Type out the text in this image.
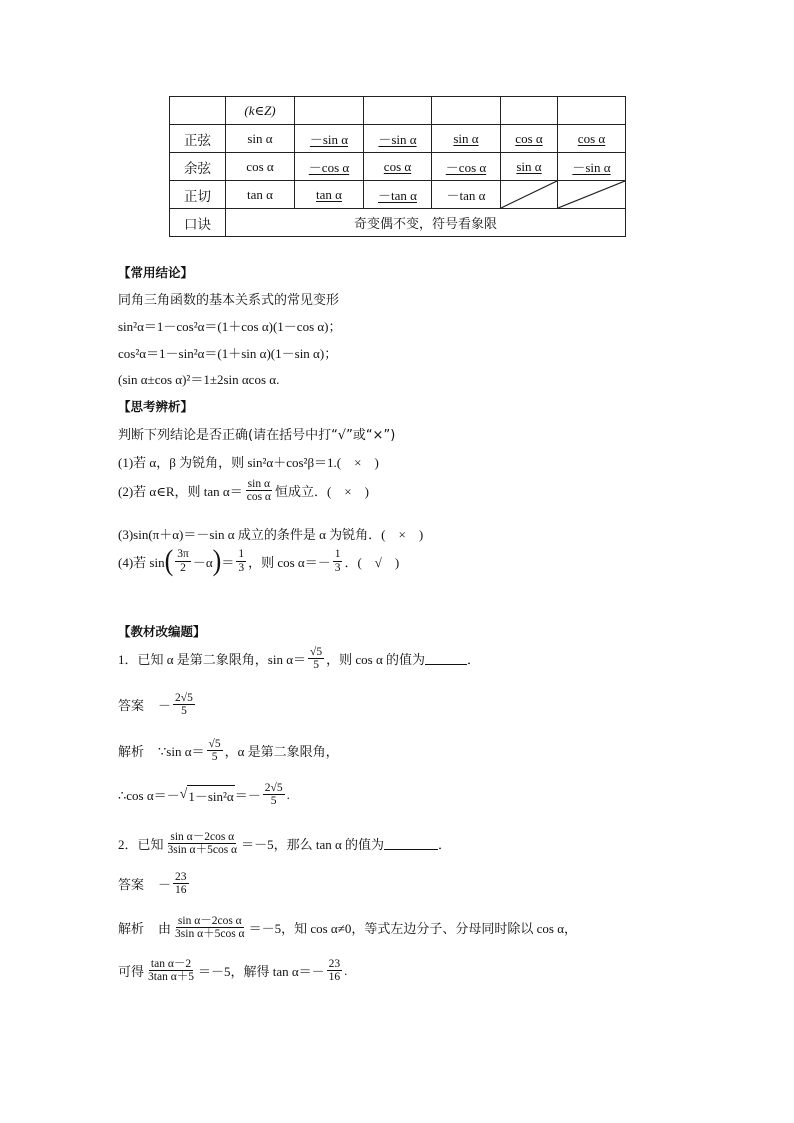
	(k∈Z)					
正弦	sin α	－sin α	－sin α	sin α	cos α	cos α
余弦	cos α	－cos α	cos α	－cos α	sin α	－sin α
正切	tan α	tan α	－tan α	－tan α	

口诀	奇变偶不变，符号看象限					
【常用结论】
同角三角函数的基本关系式的常见变形
sin²α＝1－cos²α＝(1＋cos α)(1－cos α)；
cos²α＝1－sin²α＝(1＋sin α)(1－sin α)；
(sin α±cos α)²＝1±2sin αcos α.
【思考辨析】
判断下列结论是否正确(请在括号中打“√”或“×”)
(1)若 α，β 为锐角，则 sin²α＋cos²β＝1.(　×　)
(2)若 α∈R，则 $\tan \alpha= \frac{\text{sin α}}{\text{cos α}}$ 恒成立．(　×　)
(3)sin(π＋α)＝－sin α 成立的条件是 α 为锐角．(　×　)
(4)若 sin ( $\frac{3\pi}{2} -\alpha$ ) ＝ $\frac{1}{3}$ ，则 $\cos \alpha=- \frac{1}{3}$ ．(　√　)
【教材改编题】
1．已知 α 是第二象限角，$\sin \alpha= \frac{√5}{5}$ ，则 cos α 的值为	．
答案 － $\frac{2√5}{5}$
解析 ∵sin $\alpha= \frac{√5}{5}$ ，α 是第二象限角，
∴cos α＝－ √ $1-\sin^2\alpha =- \frac{2√5}{5}$ .
2．已知 $\frac{\text{sin α－2cos α}}{\text{3sin α＋5cos α}} =-5$，那么 tan α 的值为	．
答案 － $\frac{23}{16}$
解析 由 $\frac{\text{sin α－2cos α}}{\text{3sin α＋5cos α}} =-5$，知 cos α≠0，等式左边分子、分母同时除以 cos α，
可得 $\frac{\text{tan α－2}}{\text{3tan α＋5}} =-5$，解得 $\tan \alpha=- \frac{23}{16}$ .
